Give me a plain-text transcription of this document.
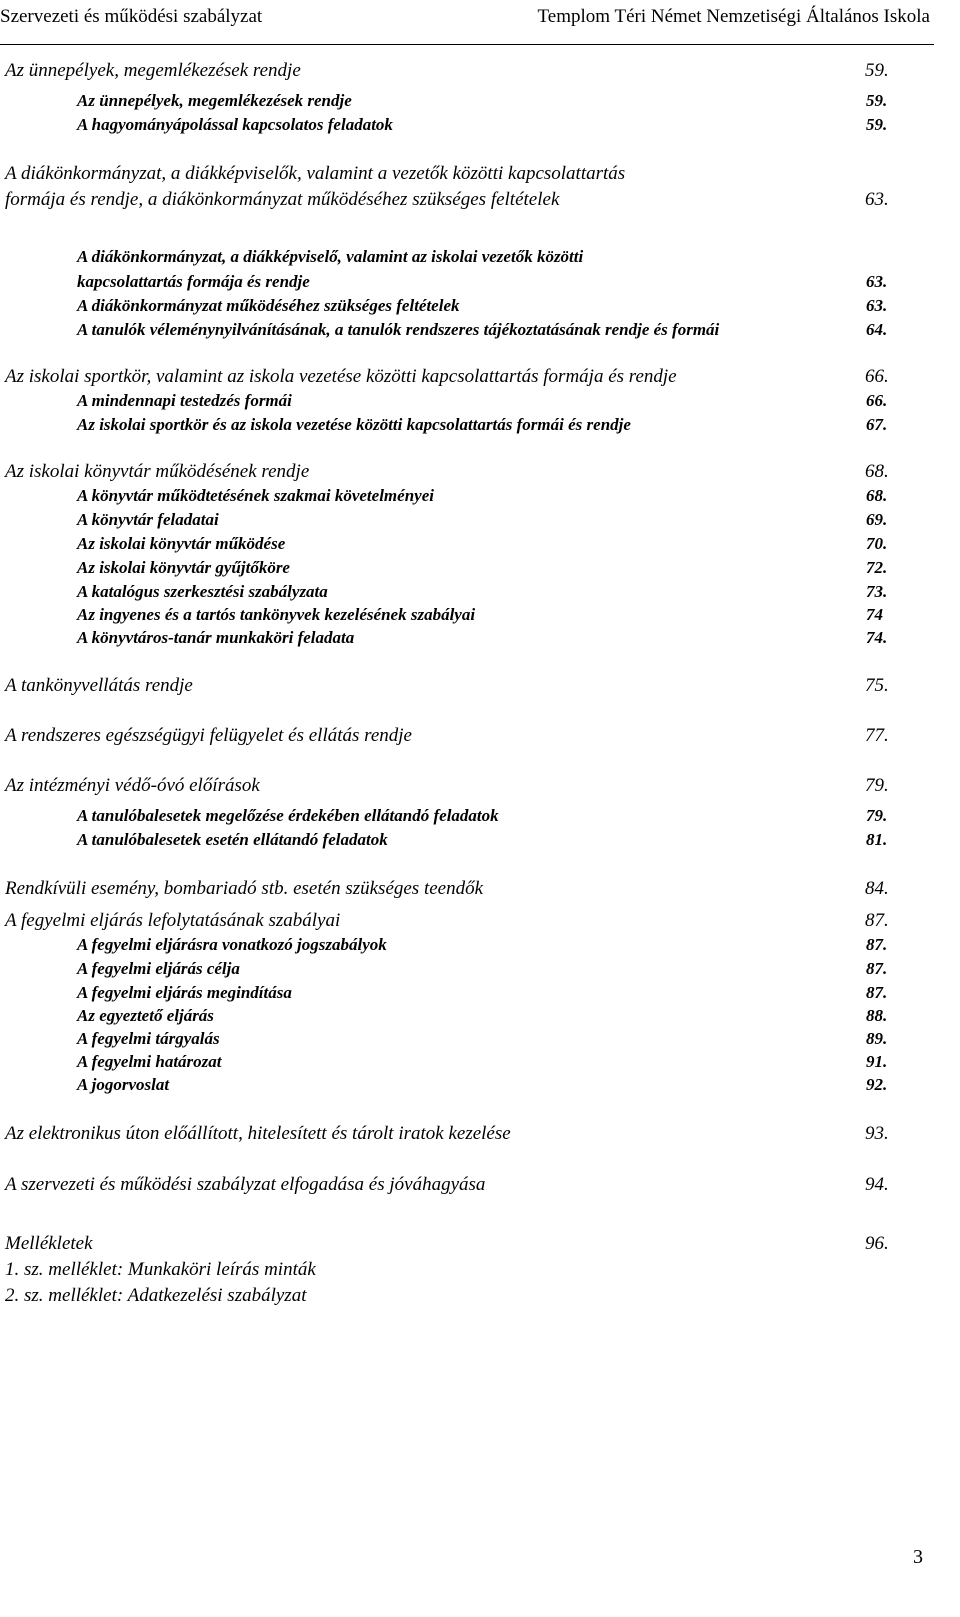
Szervezeti és működési szabályzat	Templom Téri Német Nemzetiségi Általános Iskola
Az ünnepélyek, megemlékezések rendje	59.
Az ünnepélyek, megemlékezések rendje	59.
A hagyományápolással kapcsolatos feladatok	59.
A diákönkormányzat, a diákképviselők, valamint a vezetők közötti kapcsolattartás
formája és rendje, a diákönkormányzat működéséhez szükséges feltételek	63.
A diákönkormányzat, a diákképviselő, valamint az iskolai vezetők közötti
kapcsolattartás formája és rendje	63.
A diákönkormányzat működéséhez szükséges feltételek	63.
A tanulók véleménynyilvánításának, a tanulók rendszeres tájékoztatásának rendje és formái	64.
Az iskolai sportkör, valamint az iskola vezetése közötti kapcsolattartás formája és rendje	66.
A mindennapi testedzés formái	66.
Az iskolai sportkör és az iskola vezetése közötti kapcsolattartás formái és rendje	67.
Az iskolai könyvtár működésének rendje	68.
A könyvtár működtetésének szakmai követelményei	68.
A könyvtár feladatai	69.
Az iskolai könyvtár működése	70.
Az iskolai könyvtár gyűjtőköre	72.
A katalógus szerkesztési szabályzata	73.
Az ingyenes és a tartós tankönyvek kezelésének szabályai	74
A könyvtáros-tanár munkaköri feladata	74.
A tankönyvellátás rendje	75.
A rendszeres egészségügyi felügyelet és ellátás rendje	77.
Az intézményi védő-óvó előírások	79.
A tanulóbalesetek megelőzése érdekében ellátandó feladatok	79.
A tanulóbalesetek esetén ellátandó feladatok	81.
Rendkívüli esemény, bombariadó stb. esetén szükséges teendők	84.
A fegyelmi eljárás lefolytatásának szabályai	87.
A fegyelmi eljárásra vonatkozó jogszabályok	87.
A fegyelmi eljárás célja	87.
A fegyelmi eljárás megindítása	87.
Az egyeztető eljárás	88.
A fegyelmi tárgyalás	89.
A fegyelmi határozat	91.
A jogorvoslat	92.
Az elektronikus úton előállított, hitelesített és tárolt iratok kezelése	93.
A szervezeti és működési szabályzat elfogadása és jóváhagyása	94.
Mellékletek	96.
1. sz. melléklet: Munkaköri leírás minták
2. sz. melléklet: Adatkezelési szabályzat
3
